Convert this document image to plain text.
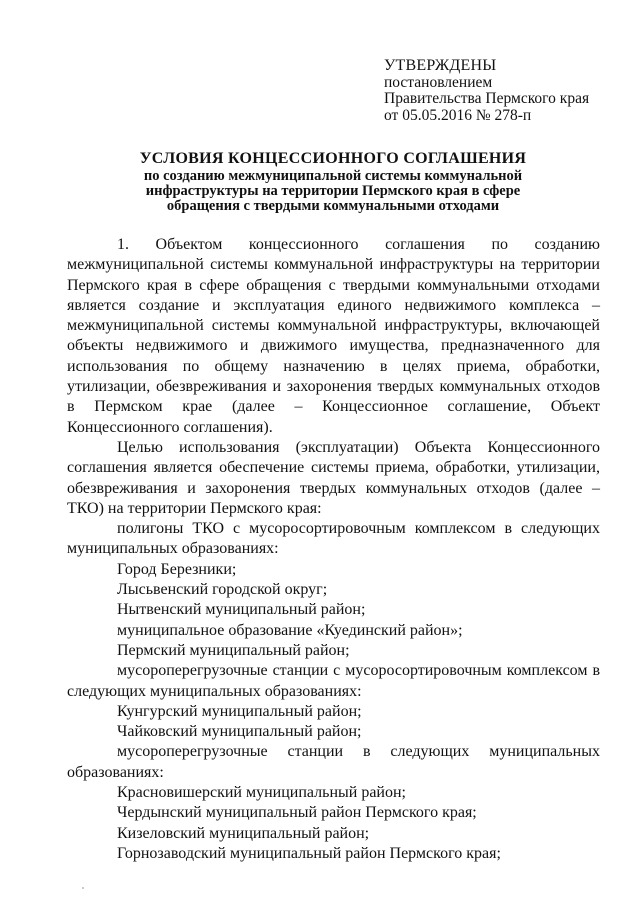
УТВЕРЖДЕНЫ
постановлением
Правительства Пермского края
от 05.05.2016 № 278-п
УСЛОВИЯ КОНЦЕССИОННОГО СОГЛАШЕНИЯ
по созданию межмуниципальной системы коммунальной
инфраструктуры на территории Пермского края в сфере
обращения с твердыми коммунальными отходами

1. Объектом концессионного соглашения по созданию межмуниципальной системы коммунальной инфраструктуры на территории Пермского края в сфере обращения с твердыми коммунальными отходами является создание и эксплуатация единого недвижимого комплекса – межмуниципальной системы коммунальной инфраструктуры, включающей объекты недвижимого и движимого имущества, предназначенного для использования по общему назначению в целях приема, обработки, утилизации, обезвреживания и захоронения твердых коммунальных отходов в Пермском крае (далее – Концессионное соглашение, Объект Концессионного соглашения).

Целью использования (эксплуатации) Объекта Концессионного соглашения является обеспечение системы приема, обработки, утилизации, обезвреживания и захоронения твердых коммунальных отходов (далее – ТКО) на территории Пермского края:

полигоны ТКО с мусоросортировочным комплексом в следующих муниципальных образованиях:

Город Березники;

Лысьвенский городской округ;

Нытвенский муниципальный район;

муниципальное образование «Куединский район»;

Пермский муниципальный район;

мусороперегрузочные станции с мусоросортировочным комплексом в следующих муниципальных образованиях:

Кунгурский муниципальный район;

Чайковский муниципальный район;

мусороперегрузочные станции в следующих муниципальных образованиях:

Красновишерский муниципальный район;

Чердынский муниципальный район Пермского края;

Кизеловский муниципальный район;

Горнозаводский муниципальный район Пермского края;
